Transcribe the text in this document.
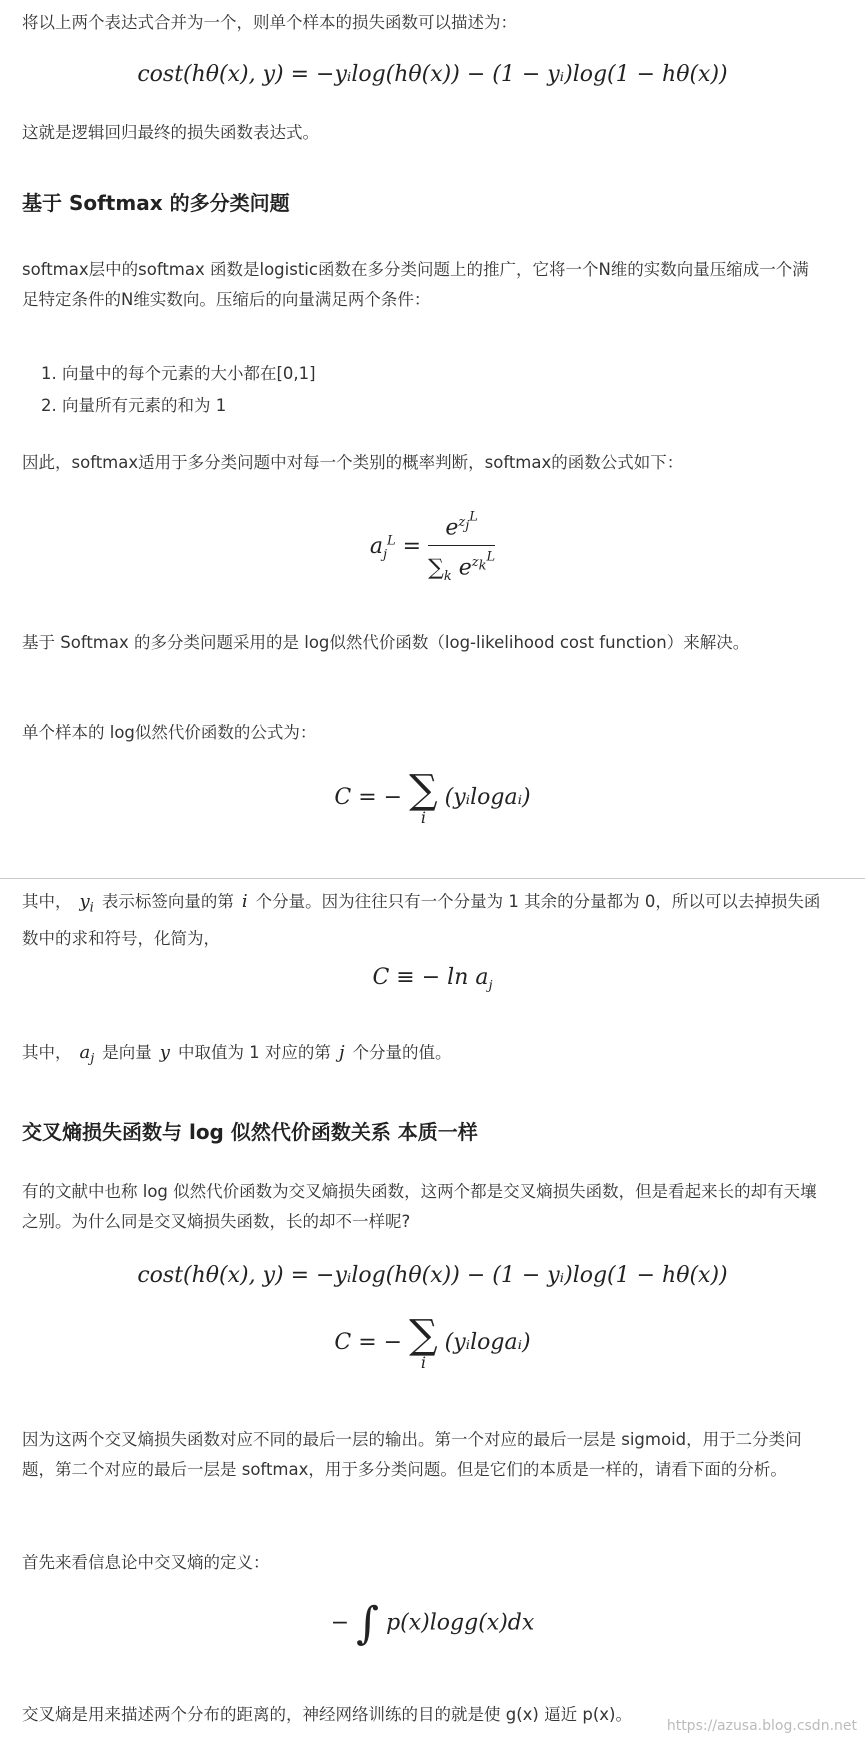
将以上两个表达式合并为一个，则单个样本的损失函数可以描述为：
cost(hθ(x), y) = −yᵢlog(hθ(x)) − (1 − yᵢ)log(1 − hθ(x))
这就是逻辑回归最终的损失函数表达式。
基于 Softmax 的多分类问题
softmax层中的softmax 函数是logistic函数在多分类问题上的推广，它将一个N维的实数向量压缩成一个满足特定条件的N维实数向。压缩后的向量满足两个条件：
1. 向量中的每个元素的大小都在[0,1]
2. 向量所有元素的和为 1
因此，softmax适用于多分类问题中对每一个类别的概率判断，softmax的函数公式如下：
$a_j^L = \frac{e^{z_j^L}}{\sum_k e^{z_k^L}}$
基于 Softmax 的多分类问题采用的是 log似然代价函数（log-likelihood cost function）来解决。
单个样本的 log似然代价函数的公式为：
C = − ∑
i
(yᵢlogaᵢ)
其中， $y_i$ 表示标签向量的第 i 个分量。因为往往只有一个分量为 1 其余的分量都为 0，所以可以去掉损失函数中的求和符号，化简为，
C ≡ − $\ln a_j$
其中， $a_j$ 是向量 y 中取值为 1 对应的第 j 个分量的值。
交叉熵损失函数与 log 似然代价函数关系 本质一样
有的文献中也称 log 似然代价函数为交叉熵损失函数，这两个都是交叉熵损失函数，但是看起来长的却有天壤之别。为什么同是交叉熵损失函数，长的却不一样呢?
cost(hθ(x), y) = −yᵢlog(hθ(x)) − (1 − yᵢ)log(1 − hθ(x))
C = − ∑
i
(yᵢlogaᵢ)
因为这两个交叉熵损失函数对应不同的最后一层的输出。第一个对应的最后一层是 sigmoid，用于二分类问题，第二个对应的最后一层是 softmax，用于多分类问题。但是它们的本质是一样的，请看下面的分析。
首先来看信息论中交叉熵的定义：
− ∫ p(x)logg(x)dx
交叉熵是用来描述两个分布的距离的，神经网络训练的目的就是使 g(x) 逼近 p(x)。
https://azusa.blog.csdn.net
